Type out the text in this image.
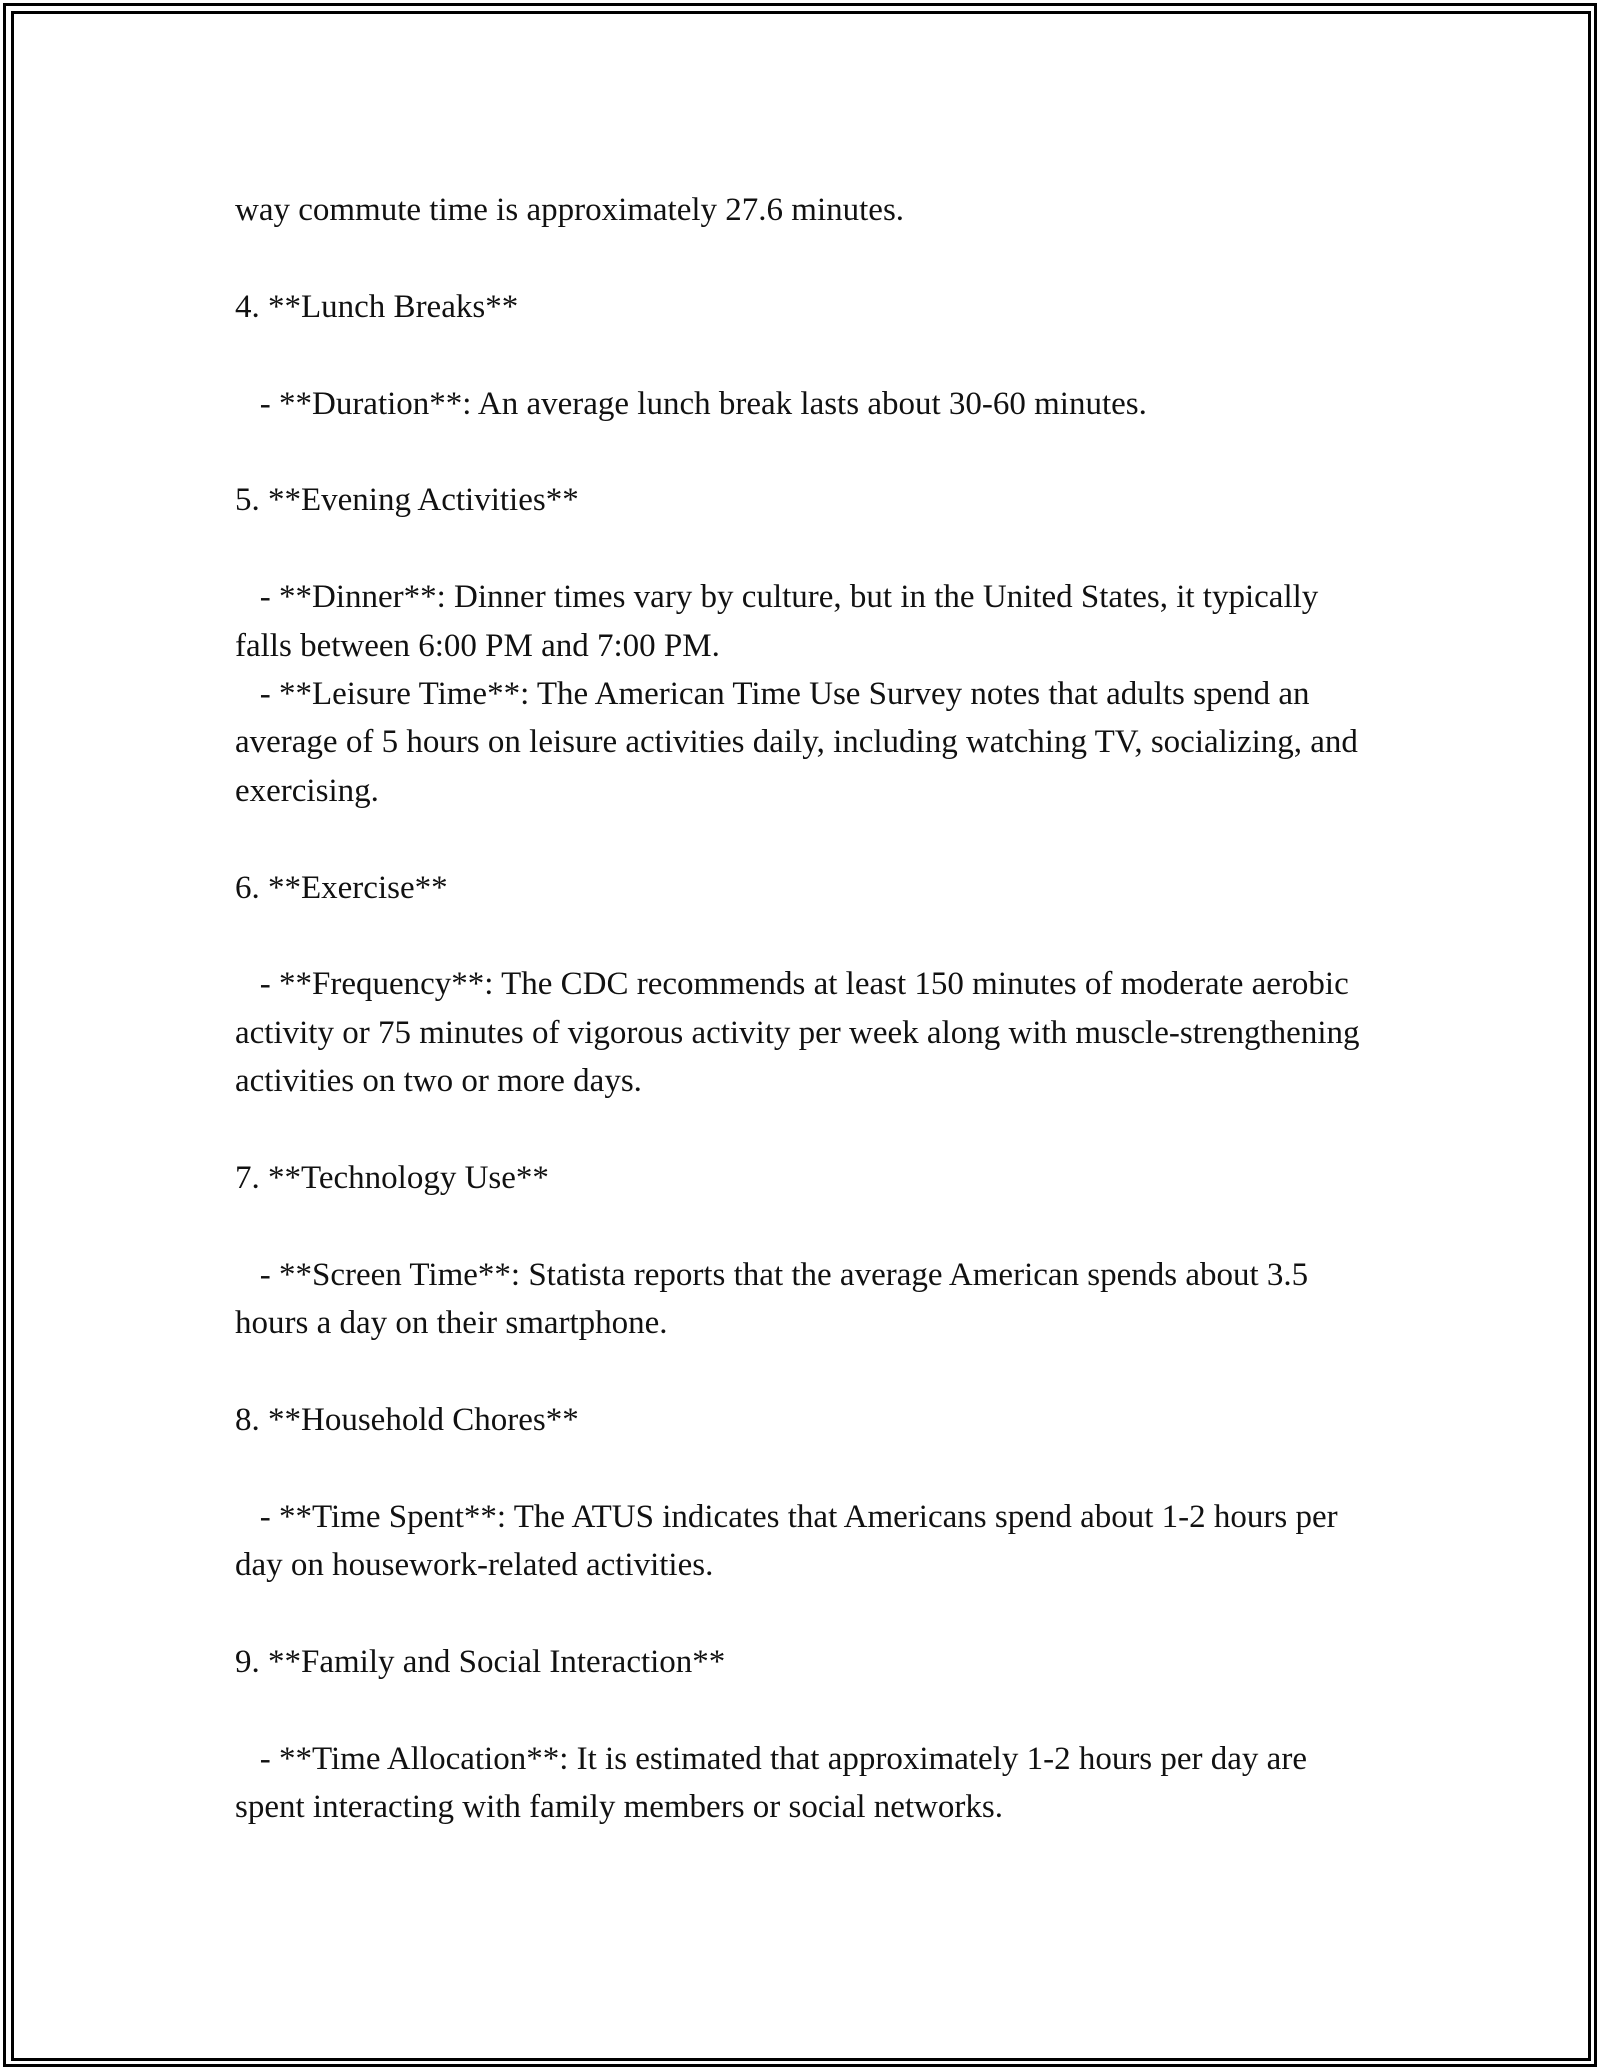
way commute time is approximately 27.6 minutes.

4. **Lunch Breaks**

- **Duration**: An average lunch break lasts about 30-60 minutes.

5. **Evening Activities**

- **Dinner**: Dinner times vary by culture, but in the United States, it typically falls between 6:00 PM and 7:00 PM.

- **Leisure Time**: The American Time Use Survey notes that adults spend an average of 5 hours on leisure activities daily, including watching TV, socializing, and exercising.

6. **Exercise**

- **Frequency**: The CDC recommends at least 150 minutes of moderate aerobic activity or 75 minutes of vigorous activity per week along with muscle-strengthening activities on two or more days.

7. **Technology Use**

- **Screen Time**: Statista reports that the average American spends about 3.5 hours a day on their smartphone.

8. **Household Chores**

- **Time Spent**: The ATUS indicates that Americans spend about 1-2 hours per day on housework-related activities.

9. **Family and Social Interaction**

- **Time Allocation**: It is estimated that approximately 1-2 hours per day are spent interacting with family members or social networks.
